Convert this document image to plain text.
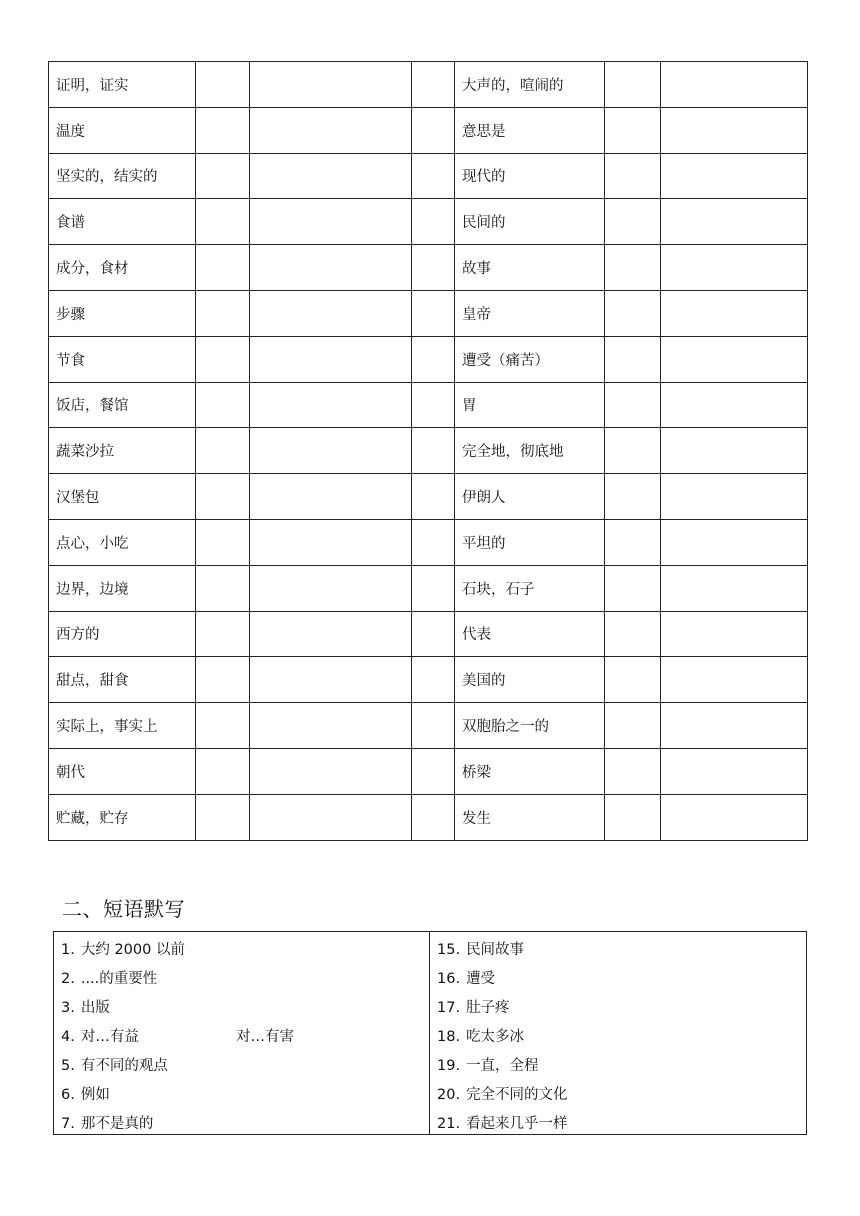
证明，证实				大声的，喧闹的		
温度				意思是		
坚实的，结实的				现代的		
食谱				民间的		
成分，食材				故事		
步骤				皇帝		
节食				遭受（痛苦）		
饭店，餐馆				胃		
蔬菜沙拉				完全地，彻底地		
汉堡包				伊朗人		
点心，小吃				平坦的		
边界，边境				石块，石子		
西方的				代表		
甜点，甜食				美国的		
实际上，事实上				双胞胎之一的		
朝代				桥梁		
贮藏，贮存				发生		
二、短语默写
1. 大约 2000 以前
2. ....的重要性
3. 出版
4. 对…有益	对…有害
5. 有不同的观点
6. 例如
7. 那不是真的
15. 民间故事
16. 遭受
17. 肚子疼
18. 吃太多冰
19. 一直，全程
20. 完全不同的文化
21. 看起来几乎一样
